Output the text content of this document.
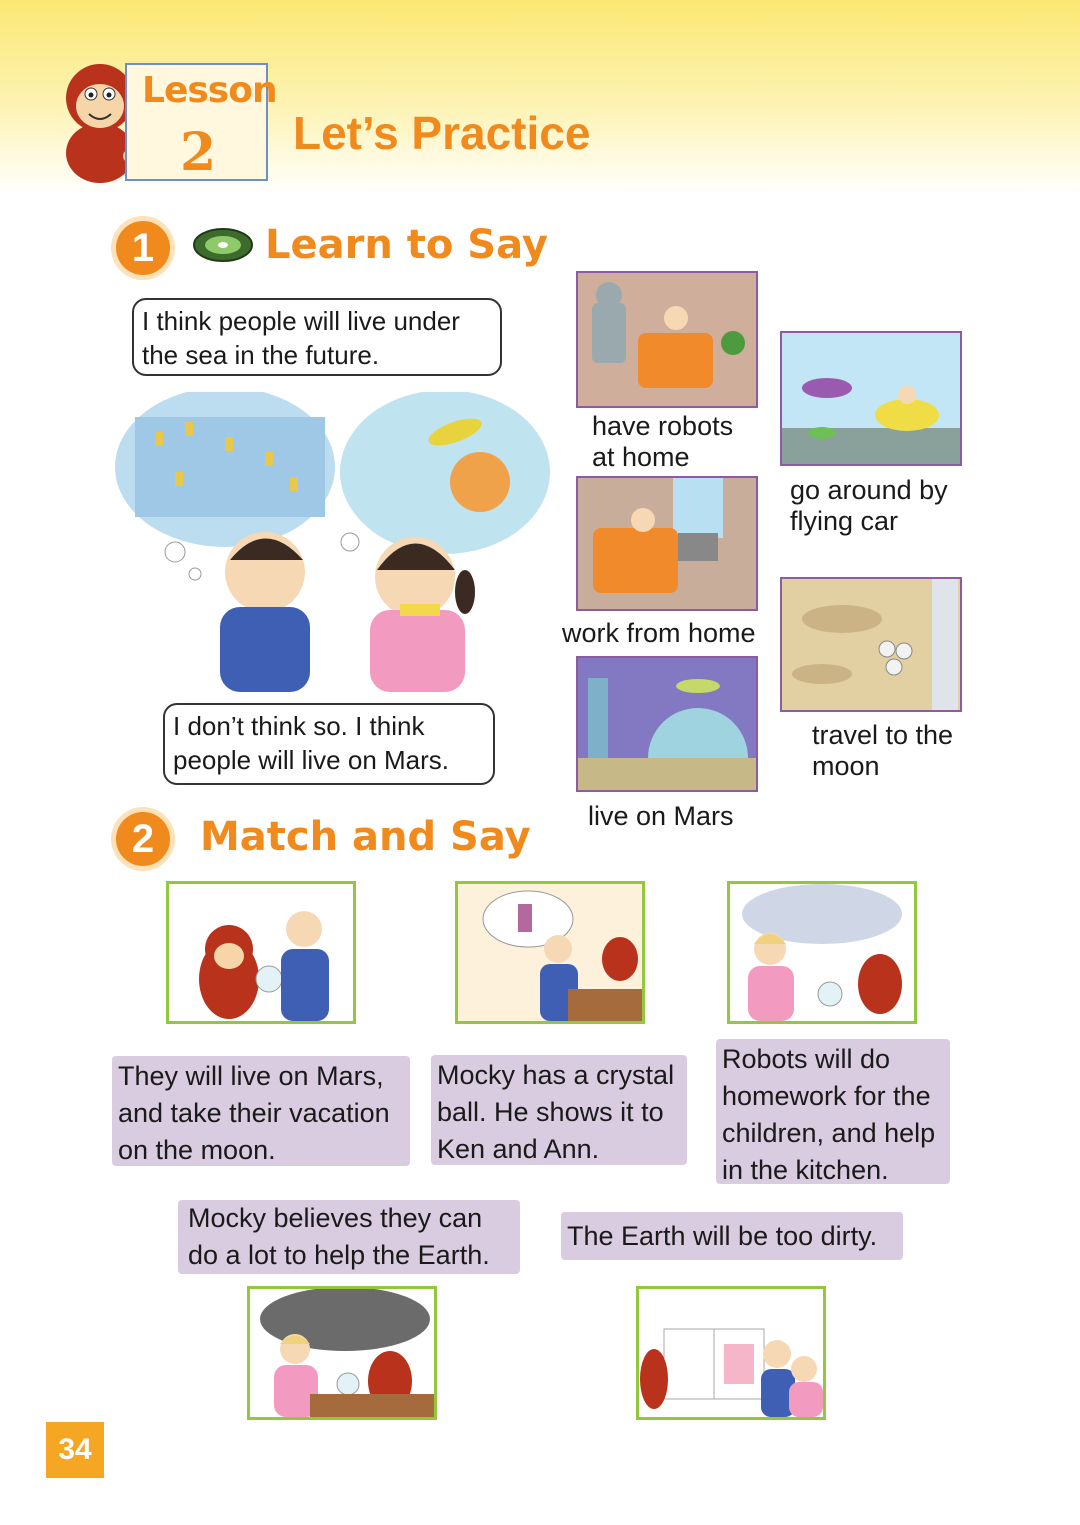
Lesson
2 Let’s Practice
1	Learn to Say
I think people will live under the sea in the future.
I don’t think so. I think people will live on Mars.
have robots at home
go around by flying car
work from home
travel to the moon
live on Mars
2	Match and Say
They will live on Mars, and take their vacation on the moon.
Mocky has a crystal ball. He shows it to Ken and Ann.
Robots will do homework for the children, and help in the kitchen.
Mocky believes they can do a lot to help the Earth.
The Earth will be too dirty.
34
